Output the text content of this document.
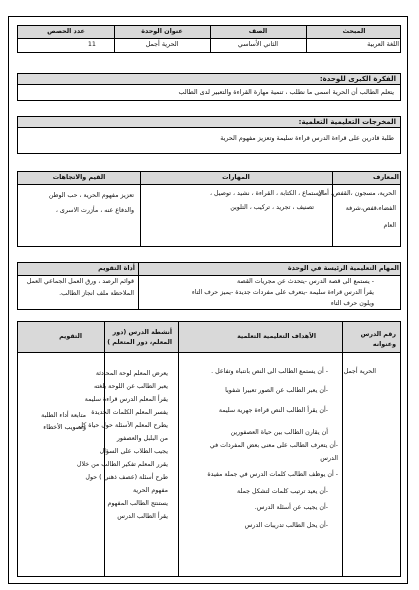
المبحث
الصف
عنوان الوحدة
عدد الحصص
اللغة العربية
الثاني الأساسي
الحرية أجمل
11
الفكرة الكبرى للوحدة:
يتعلم الطالب أن الحرية اسمى ما نطلب ، تنمية مهارة القراءة والتعبير لدى الطالب
المخرجات التعليمية التعلمية:
طلبة قادرين على قراءة الدرس قراءة سليمة وتعزيز مفهوم الحرية
المعارف
المهارات
القيم والاتجاهات
الحرية، مسجون ،القفص، أمان
الفضاء،قفص،شرفة
العام
الاستماع ، الكتابة ، القراءة ، نشيد ، توصيل ،
تصنيف ، تجريد ، تركيب ، التلوين
تعزيز مفهوم الحرية ، حب الوطن
والدفاع عنه ، مأزرت الاسرى ،
المهام التعليمية الرئيسة في الوحدة
أداة التقويم
- يستمع الى قصة الدرس -يتحدث عن مجريات القصة
يقرأ الدرس قراءة سليمة -يتعرف على مفردات جديدة -يميز حرف التاء
ويلون حرف التاء
قوائم الرصد ، ورق العمل الجماعي العمل
الملاحظة ملف انجاز الطالب.
رقم الدرس وعنوانه
الأهداف التعليمية التعلمية
أنشطة الدرس (دور المعلم، دور المتعلم )
التقويم
الحرية أجمل
- أن يستمع الطالب الى النص بانتباه وتفاعل .
-أن يعبر الطالب عن الصور تعبيرا شفويا
-أن يقرأ الطالب النص قراءة جهرية سليمة
أن يقارن الطالب بين حياة العصفورين
-أن يتعرف الطالب على معنى بعض المفردات في
الدرس
- أن يوظف الطالب كلمات الدرس في جملة مفيدة
-أن يعيد ترتيب كلمات لتشكل جملة
-أن يجيب عن أسئلة الدرس.
-أن يحل الطالب تدريبات الدرس
يعرض المعلم لوحة المحادثة
يعبر الطالب عن اللوحة بلغته
يقرأ المعلم الدرس قراءة سليمة
يفسر المعلم الكلمات الجديدة
يطرح المعلم الأسئلة حول حياة كل
من البلبل والعصفور
يجيب الطلاب على السؤال
يقرر المعلم تفكير الطالب من خلال
طرح أسئلة (عصف ذهني ) حول
مفهوم الحرية
يستنتج الطالب المفهوم
يقرأ الطالب الدرس
متابعة أداء الطلبة
وتصويب الأخطاء
